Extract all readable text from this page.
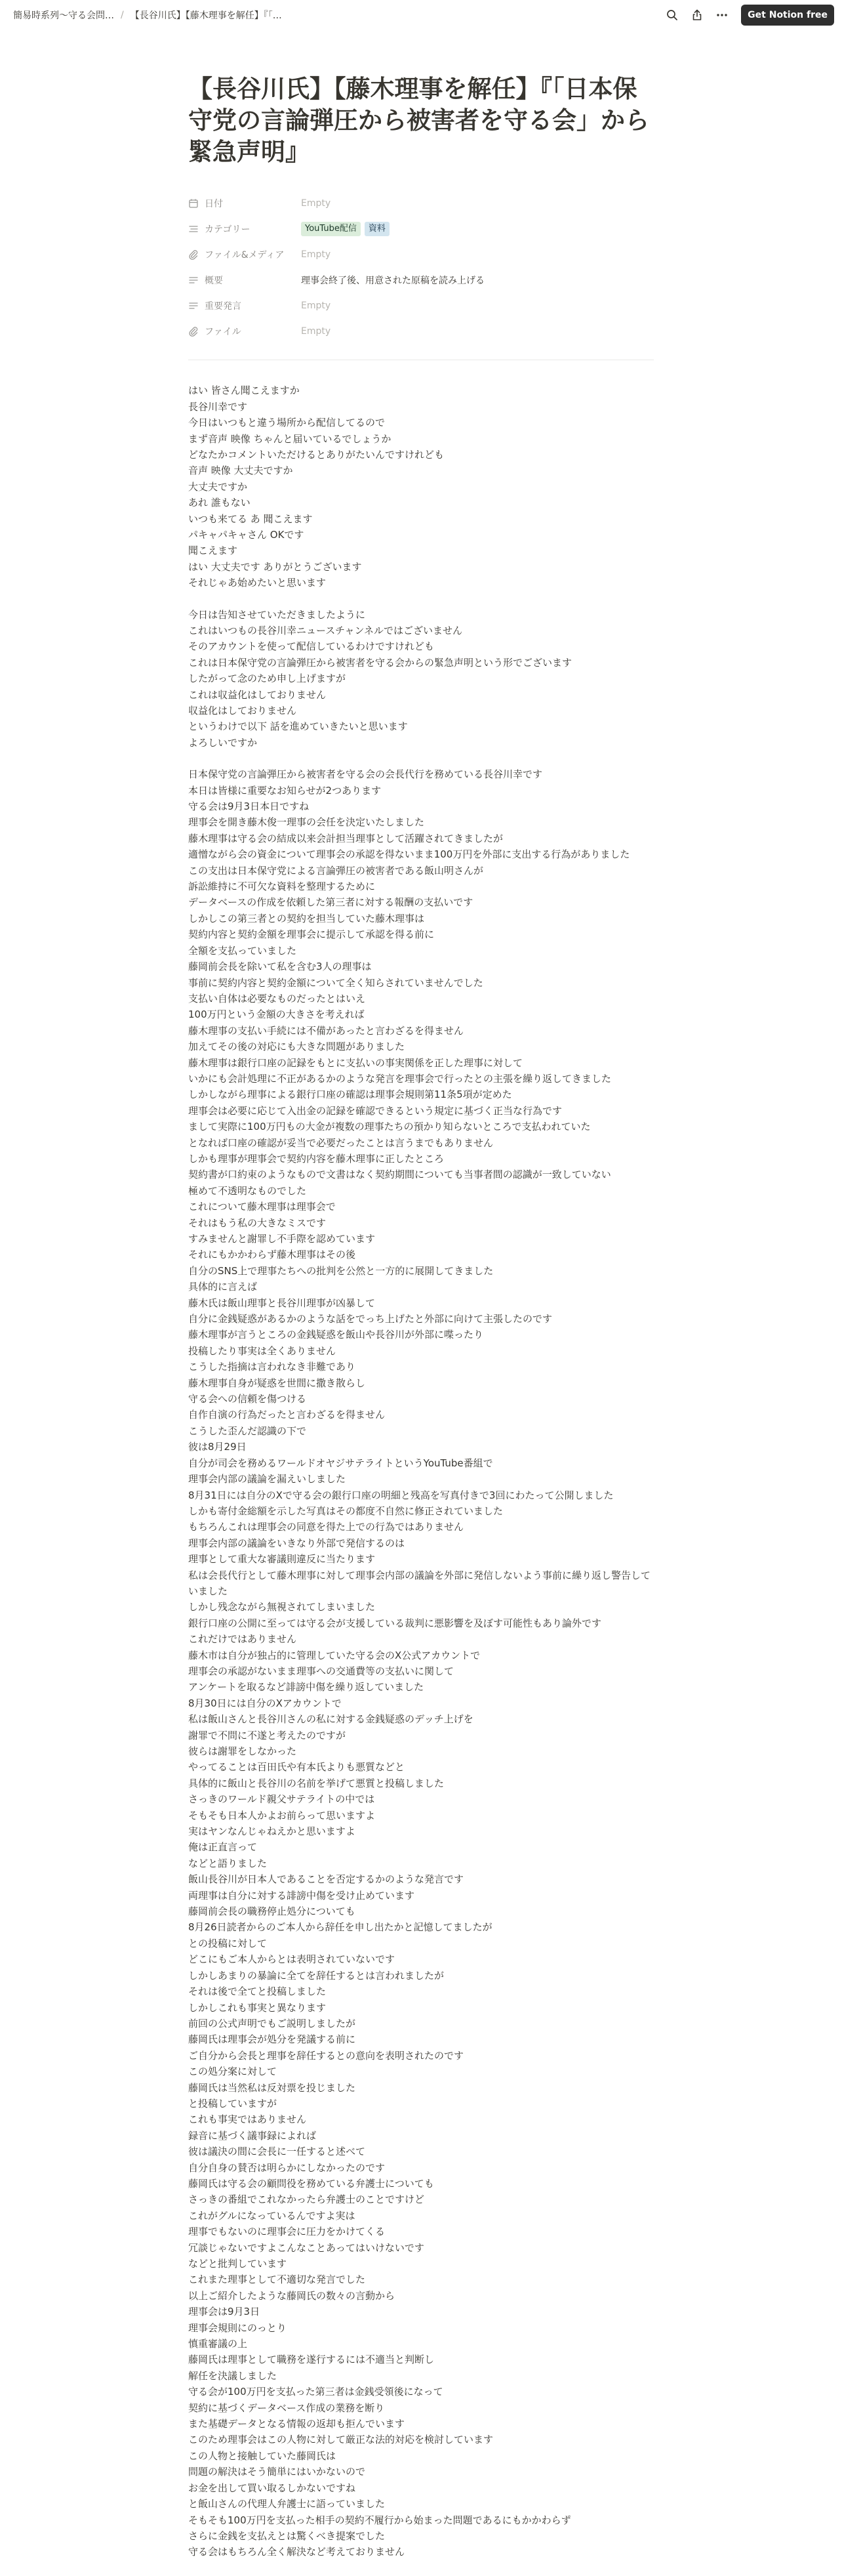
簡易時系列～守る会問… / 【長谷川氏】【藤木理事を解任】『「…	Get Notion free
【長谷川氏】【藤木理事を解任】『「日本保守党の言論弾圧から被害者を守る会」から緊急声明』
日付	Empty
カテゴリー	YouTube配信	資料
ファイル&メディア Empty
概要	理事会終了後、用意された原稿を読み上げる
重要発言	Empty
ファイル	Empty
はい 皆さん聞こえますか
長谷川幸です
今日はいつもと違う場所から配信してるので
まず音声 映像 ちゃんと届いているでしょうか
どなたかコメントいただけるとありがたいんですけれども
音声 映像 大丈夫ですか
大丈夫ですか
あれ 誰もない
いつも来てる あ 聞こえます
パキャパキャさん OKです
聞こえます
はい 大丈夫です ありがとうございます
それじゃあ始めたいと思います
今日は告知させていただきましたように
これはいつもの長谷川幸ニュースチャンネルではございません
そのアカウントを使って配信しているわけですけれども
これは日本保守党の言論弾圧から被害者を守る会からの緊急声明という形でございます
したがって念のため申し上げますが
これは収益化はしておりません
収益化はしておりません
というわけで以下 話を進めていきたいと思います
よろしいですか
日本保守党の言論弾圧から被害者を守る会の会長代行を務めている長谷川幸です
本日は皆様に重要なお知らせが2つあります
守る会は9月3日本日ですね
理事会を開き藤木俊一理事の会任を決定いたしました
藤木理事は守る会の結成以来会計担当理事として活躍されてきましたが
適憎ながら会の資金について理事会の承認を得ないまま100万円を外部に支出する行為がありました
この支出は日本保守党による言論弾圧の被害者である飯山明さんが
訴訟維持に不可欠な資料を整理するために
データベースの作成を依頼した第三者に対する報酬の支払いです
しかしこの第三者との契約を担当していた藤木理事は
契約内容と契約金額を理事会に提示して承認を得る前に
全額を支払っていました
藤岡前会長を除いて私を含む3人の理事は
事前に契約内容と契約金額について全く知らされていませんでした
支払い自体は必要なものだったとはいえ
100万円という金額の大きさを考えれば
藤木理事の支払い手続には不備があったと言わざるを得ません
加えてその後の対応にも大きな問題がありました
藤木理事は銀行口座の記録をもとに支払いの事実関係を正した理事に対して
いかにも会計処理に不正があるかのような発言を理事会で行ったとの主張を繰り返してきました
しかしながら理事による銀行口座の確認は理事会規則第11条5項が定めた
理事会は必要に応じて入出金の記録を確認できるという規定に基づく正当な行為です
まして実際に100万円もの大金が複数の理事たちの預かり知らないところで支払われていた
となれば口座の確認が妥当で必要だったことは言うまでもありません
しかも理事が理事会で契約内容を藤木理事に正したところ
契約書が口約束のようなもので文書はなく契約期間についても当事者間の認識が一致していない
極めて不透明なものでした
これについて藤木理事は理事会で
それはもう私の大きなミスです
すみませんと謝罪し不手際を認めています
それにもかかわらず藤木理事はその後
自分のSNS上で理事たちへの批判を公然と一方的に展開してきました
具体的に言えば
藤木氏は飯山理事と長谷川理事が凶暴して
自分に金銭疑惑があるかのような話をでっち上げたと外部に向けて主張したのです
藤木理事が言うところの金銭疑惑を飯山や長谷川が外部に喋ったり
投稿したり事実は全くありません
こうした指摘は言われなき非難であり
藤木理事自身が疑惑を世間に撒き散らし
守る会への信頼を傷つける
自作自演の行為だったと言わざるを得ません
こうした歪んだ認識の下で
彼は8月29日
自分が司会を務めるワールドオヤジサテライトというYouTube番組で
理事会内部の議論を漏えいしました
8月31日には自分のXで守る会の銀行口座の明細と残高を写真付きで3回にわたって公開しました
しかも寄付金総額を示した写真はその都度不自然に修正されていました
もちろんこれは理事会の同意を得た上での行為ではありません
理事会内部の議論をいきなり外部で発信するのは
理事として重大な審議則違反に当たります
私は会長代行として藤木理事に対して理事会内部の議論を外部に発信しないよう事前に繰り返し警告していました
しかし残念ながら無視されてしまいました
銀行口座の公開に至っては守る会が支援している裁判に悪影響を及ぼす可能性もあり論外です
これだけではありません
藤木市は自分が独占的に管理していた守る会のX公式アカウントで
理事会の承認がないまま理事への交通費等の支払いに関して
アンケートを取るなど誹謗中傷を繰り返していました
8月30日には自分のXアカウントで
私は飯山さんと長谷川さんの私に対する金銭疑惑のデッチ上げを
謝罪で不問に不遂と考えたのですが
彼らは謝罪をしなかった
やってることは百田氏や有本氏よりも悪質などと
具体的に飯山と長谷川の名前を挙げて悪質と投稿しました
さっきのワールド親父サテライトの中では
そもそも日本人かよお前らって思いますよ
実はヤンなんじゃねえかと思いますよ
俺は正直言って
などと語りました
飯山長谷川が日本人であることを否定するかのような発言です
両理事は自分に対する誹謗中傷を受け止めています
藤岡前会長の職務停止処分についても
8月26日読者からのご本人から辞任を申し出たかと記憶してましたが
との投稿に対して
どこにもご本人からとは表明されていないです
しかしあまりの暴論に全てを辞任するとは言われましたが
それは後で全てと投稿しました
しかしこれも事実と異なります
前回の公式声明でもご説明しましたが
藤岡氏は理事会が処分を発議する前に
ご自分から会長と理事を辞任するとの意向を表明されたのです
この処分案に対して
藤岡氏は当然私は反対票を投じました
と投稿していますが
これも事実ではありません
録音に基づく議事録によれば
彼は議決の間に会長に一任すると述べて
自分自身の賛否は明らかにしなかったのです
藤岡氏は守る会の顧問役を務めている弁護士についても
さっきの番組でこれなかったら弁護士のことですけど
これがグルになっているんですよ実は
理事でもないのに理事会に圧力をかけてくる
冗談じゃないですよこんなことあってはいけないです
などと批判しています
これまた理事として不適切な発言でした
以上ご紹介したような藤岡氏の数々の言動から
理事会は9月3日
理事会規則にのっとり
慎重審議の上
藤岡氏は理事として職務を遂行するには不適当と判断し
解任を決議しました
守る会が100万円を支払った第三者は金銭受領後になって
契約に基づくデータベース作成の業務を断り
また基礎データとなる情報の返却も拒んでいます
このため理事会はこの人物に対して厳正な法的対応を検討しています
この人物と接触していた藤岡氏は
問題の解決はそう簡単にはいかないので
お金を出して買い取るしかないですね
と飯山さんの代理人弁護士に語っていました
そもそも100万円を支払った相手の契約不履行から始まった問題であるにもかかわらず
さらに金銭を支払えとは驚くべき提案でした
守る会はもちろん全く解決など考えておりません
